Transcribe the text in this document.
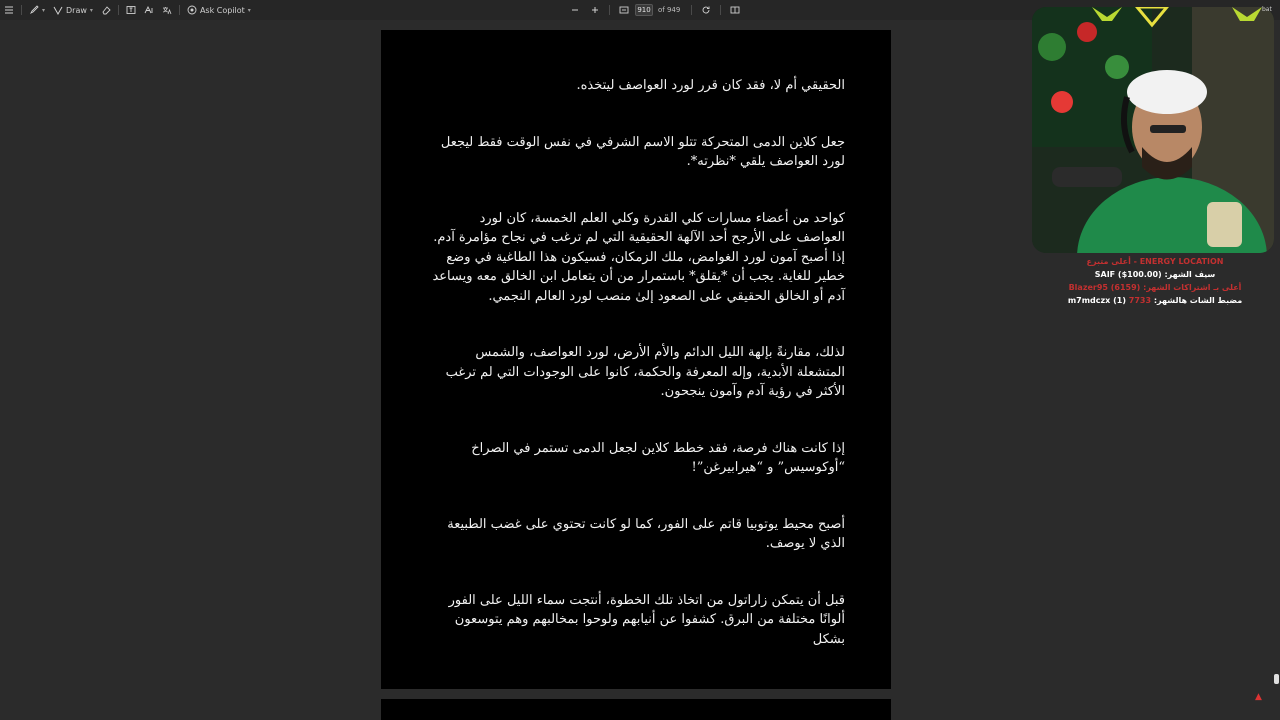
▾	Draw ▾	Ask Copilot ▾	910	of 949

الحقيقي أم لا، فقد كان قرر لورد العواصف ليتخذه.

جعل كلاين الدمى المتحركة تتلو الاسم الشرفي في نفس الوقت فقط ليجعل لورد العواصف يلقي *نظرته*.

كواحد من أعضاء مسارات كلي القدرة وكلي العلم الخمسة، كان لورد العواصف على الأرجح أحد الآلهة الحقيقية التي لم ترغب في نجاح مؤامرة آدم. إذا أصبح آمون لورد الغوامض، ملك الزمكان، فسيكون هذا الطاغية في وضع خطير للغاية. يجب أن *يقلق* باستمرار من أن يتعامل ابن الخالق معه ويساعد آدم أو الخالق الحقيقي على الصعود إلىٰ منصب لورد العالم النجمي.

لذلك، مقارنةً بإلهة الليل الدائم والأم الأرض، لورد العواصف، والشمس المتشعلة الأبدية، وإله المعرفة والحكمة، كانوا على الوجودات التي لم ترغب الأكثر في رؤية آدم وآمون ينجحون.

إذا كانت هناك فرصة، فقد خطط كلاين لجعل الدمى تستمر في الصراخ “أوكوسيس” و “هيرابيرغن”!

أصبح محيط يوتوبيا قاتم على الفور، كما لو كانت تحتوي على غضب الطبيعة الذي لا يوصف.

قبل أن يتمكن زاراتول من اتخاذ تلك الخطوة، أنتجت سماء الليل على الفور ألوانًا مختلفة من البرق. كشفوا عن أنيابهم ولوحوا بمخالبهم وهم يتوسعون بشكل

bat
ENERGY LOCATION - أعلى متبرع
سيف الشهر: SAIF ($100.00)
أعلى بـ اشتراكات الشهر: Blazer95 (6159)
مضبط الشات هالشهر: m7mdczx (1) 7733
▲
